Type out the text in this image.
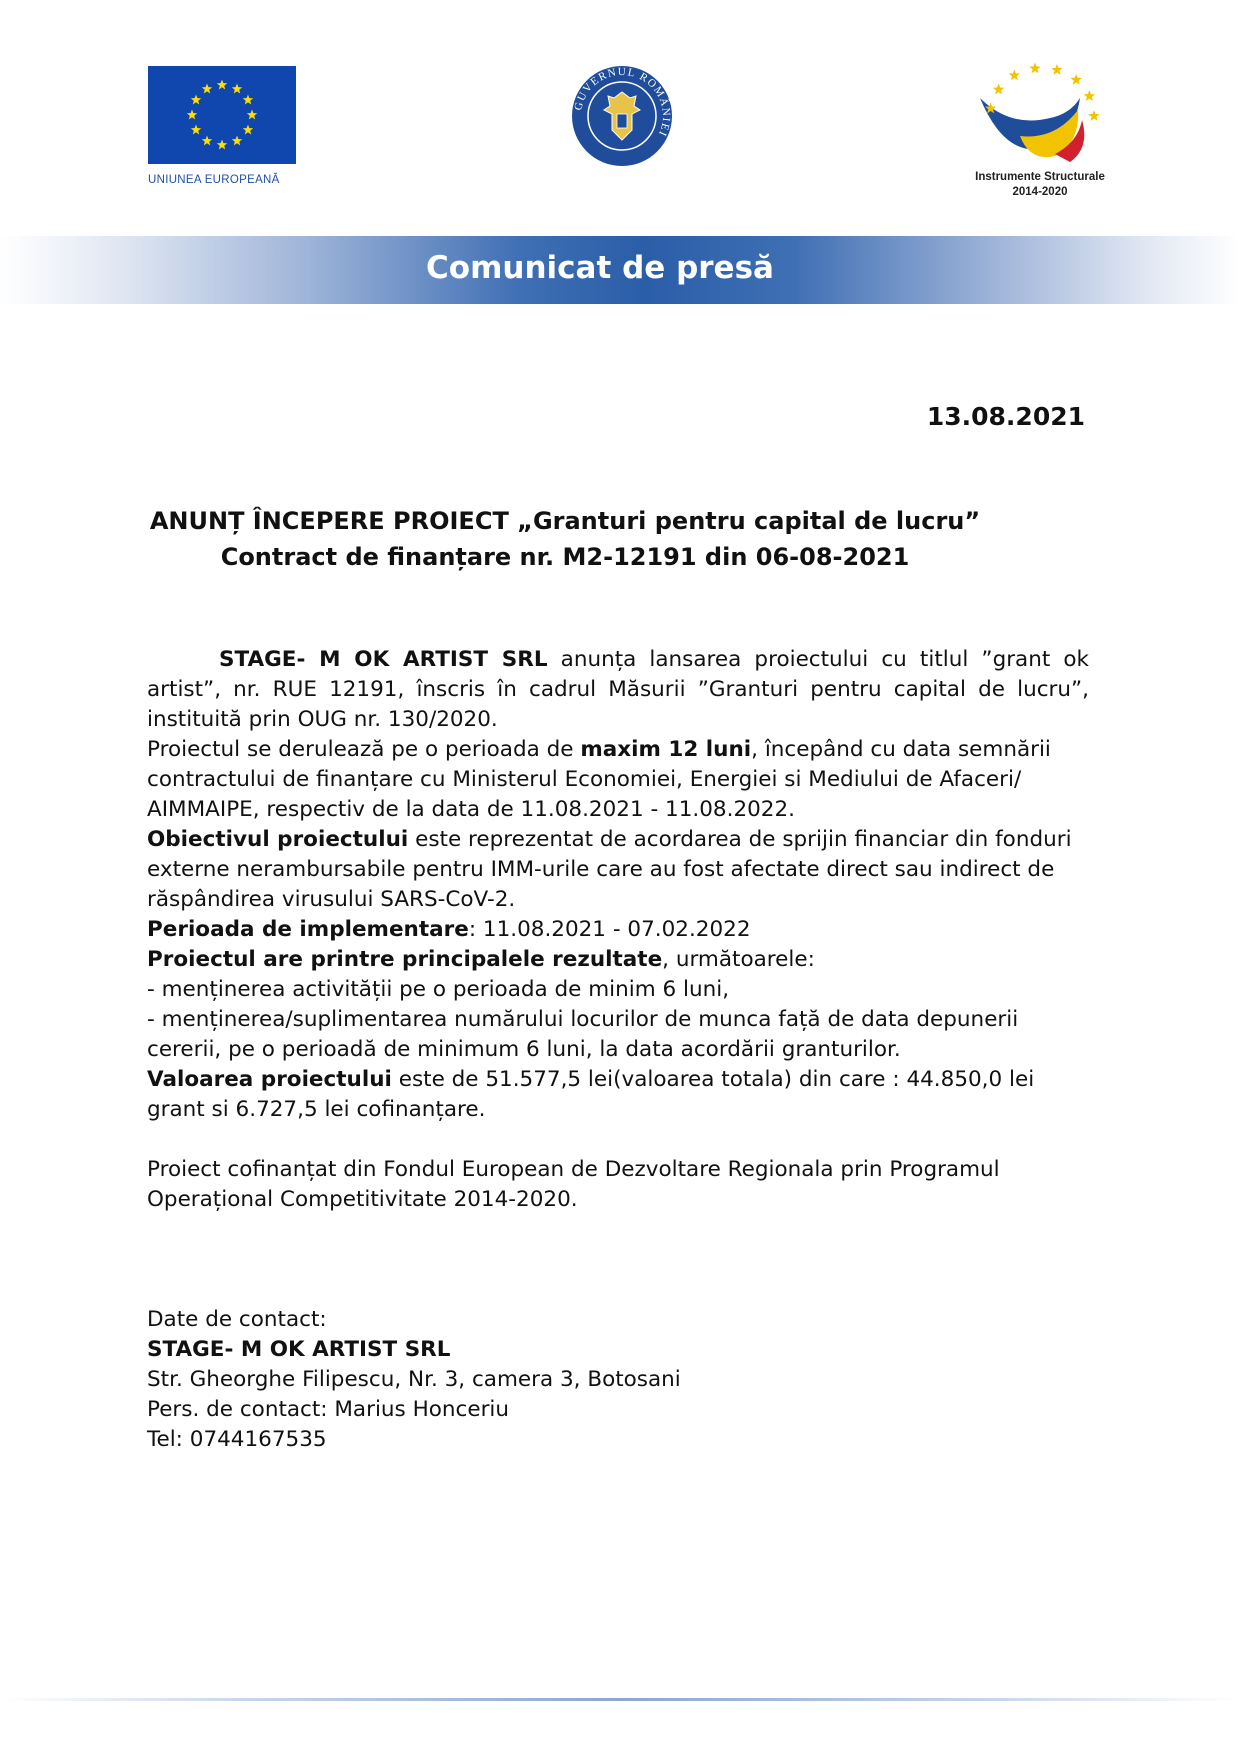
UNIUNEA EUROPEANĂ
GUVERNUL ROMÂNIEI
Instrumente Structurale
2014-2020
Comunicat de presă
13.08.2021
ANUNȚ ÎNCEPERE PROIECT „Granturi pentru capital de lucru”
Contract de finanțare nr. M2-12191 din 06-08-2021

STAGE- M OK ARTIST SRL anunța lansarea proiectului cu titlul ”grant ok artist”, nr. RUE 12191, înscris în cadrul Măsurii ”Granturi pentru capital de lucru”, instituită prin OUG nr. 130/2020.

Proiectul se derulează pe o perioada de maxim 12 luni, începând cu data semnării contractului de finanțare cu Ministerul Economiei, Energiei si Mediului de Afaceri/ AIMMAIPE, respectiv de la data de 11.08.2021 - 11.08.2022.

Obiectivul proiectului este reprezentat de acordarea de sprijin financiar din fonduri externe nerambursabile pentru IMM-urile care au fost afectate direct sau indirect de răspândirea virusului SARS-CoV-2.

Perioada de implementare: 11.08.2021 - 07.02.2022

Proiectul are printre principalele rezultate, următoarele:

- menținerea activității pe o perioada de minim 6 luni,

- menținerea/suplimentarea numărului locurilor de munca față de data depunerii cererii, pe o perioadă de minimum 6 luni, la data acordării granturilor.

Valoarea proiectului este de 51.577,5 lei(valoarea totala) din care : 44.850,0 lei grant si 6.727,5 lei cofinanțare.

Proiect cofinanțat din Fondul European de Dezvoltare Regionala prin Programul Operațional Competitivitate 2014-2020.

Date de contact:

STAGE- M OK ARTIST SRL

Str. Gheorghe Filipescu, Nr. 3, camera 3, Botosani

Pers. de contact: Marius Honceriu

Tel: 0744167535
